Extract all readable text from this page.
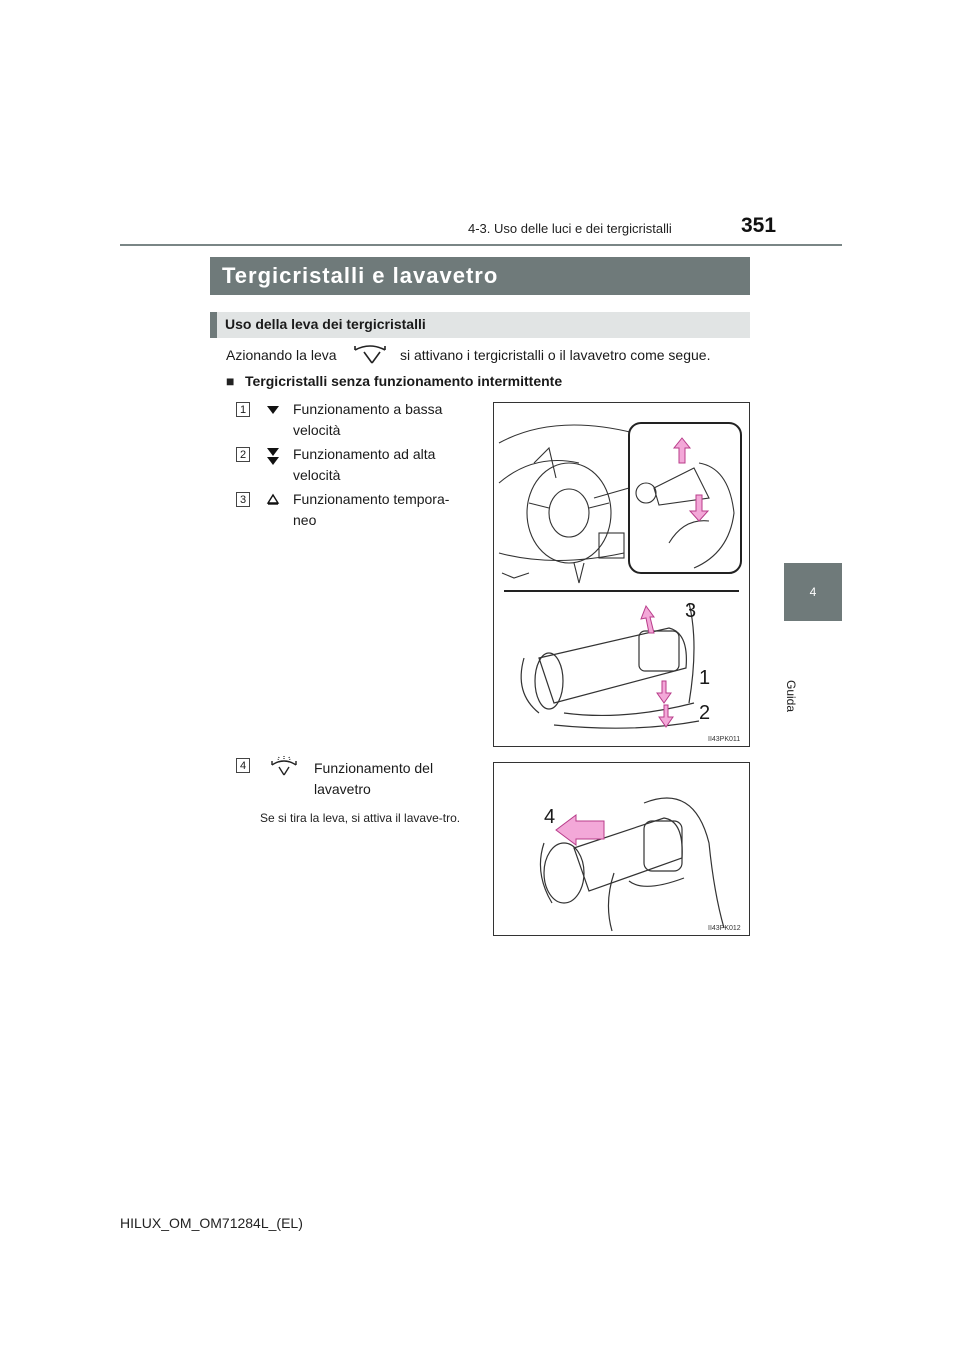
4-3. Uso delle luci e dei tergicristalli	351
4
Guida
Tergicristalli e lavavetro
Uso della leva dei tergicristalli
Azionando la leva	si attivano i tergicristalli o il lavavetro come segue.
■ Tergicristalli senza funzionamento intermittente
1	Funzionamento a bassa
velocità
2	Funzionamento ad alta
velocità
3	Funzionamento tempora-
neo
3
1
2
II43PK011
4	Funzionamento del
lavavetro
Se si tira la leva, si attiva il lavave-tro.	4
II43PK012
HILUX_OM_OM71284L_(EL)
